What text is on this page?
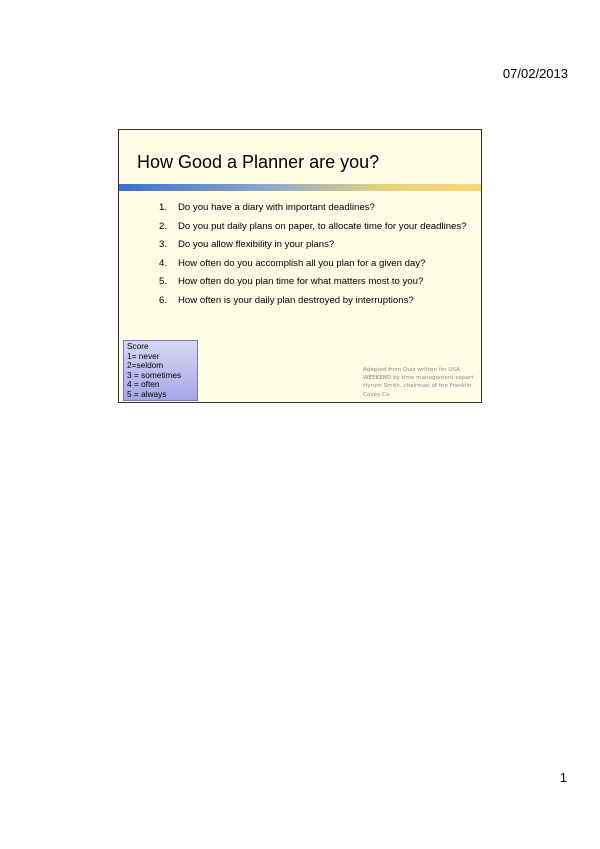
07/02/2013
How Good a Planner are you?
1.	Do you have a diary with important deadlines?
2.	Do you put daily plans on paper, to allocate time for your deadlines?
3.	Do you allow flexibility in your plans?
4.	How often do you accomplish all you plan for a given day?
5.	How often do you plan time for what matters most to you?
6.	How often is your daily plan destroyed by interruptions?
Score
1= never
2=seldom
3 = sometimes
4 = often
5 = always
Adapted from Quiz written for USA
WEEKEND by time management expert
Hyrum Smith, chairman of the Franklin
Covey Co.
1
